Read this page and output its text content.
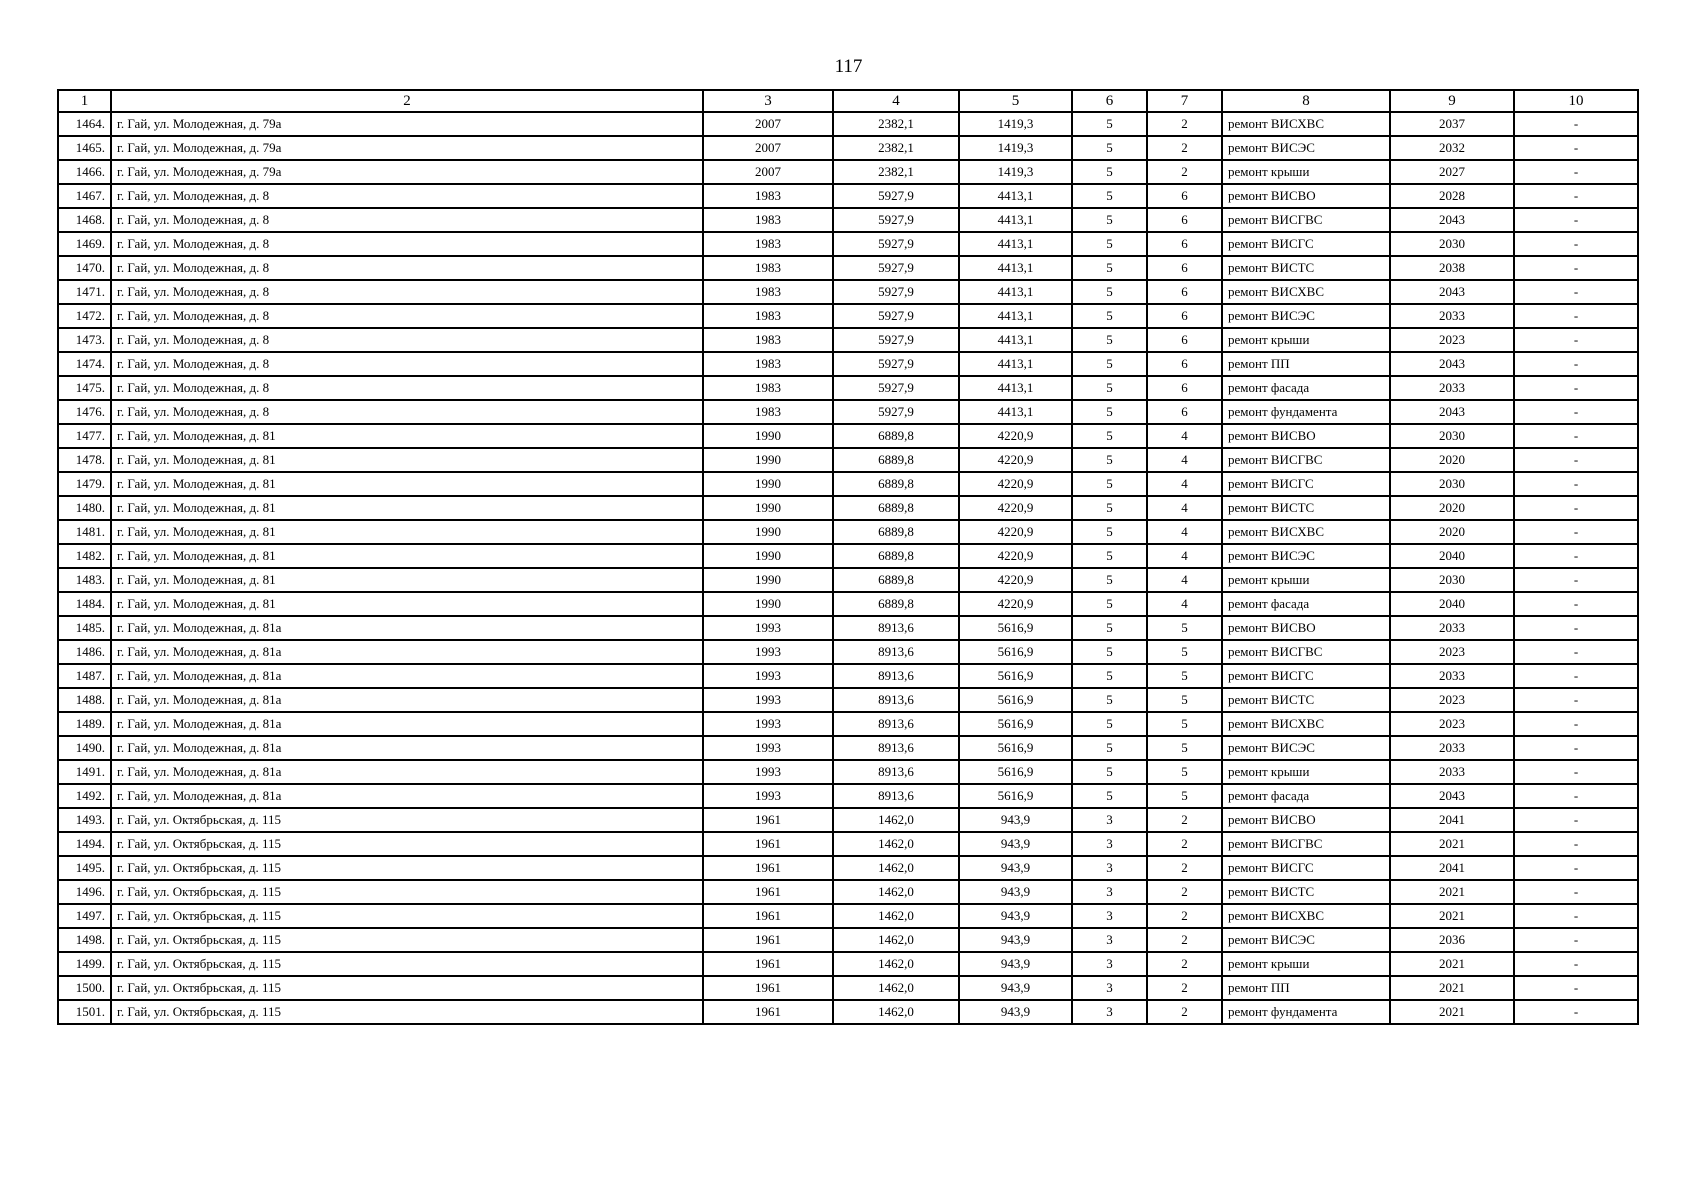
117
1	2	3	4	5	6	7	8	9	10
1464.	г. Гай, ул. Молодежная, д. 79а	2007	2382,1	1419,3	5	2	ремонт ВИСХВС	2037	-
1465.	г. Гай, ул. Молодежная, д. 79а	2007	2382,1	1419,3	5	2	ремонт ВИСЭС	2032	-
1466.	г. Гай, ул. Молодежная, д. 79а	2007	2382,1	1419,3	5	2	ремонт крыши	2027	-
1467.	г. Гай, ул. Молодежная, д. 8	1983	5927,9	4413,1	5	6	ремонт ВИСВО	2028	-
1468.	г. Гай, ул. Молодежная, д. 8	1983	5927,9	4413,1	5	6	ремонт ВИСГВС	2043	-
1469.	г. Гай, ул. Молодежная, д. 8	1983	5927,9	4413,1	5	6	ремонт ВИСГС	2030	-
1470.	г. Гай, ул. Молодежная, д. 8	1983	5927,9	4413,1	5	6	ремонт ВИСТС	2038	-
1471.	г. Гай, ул. Молодежная, д. 8	1983	5927,9	4413,1	5	6	ремонт ВИСХВС	2043	-
1472.	г. Гай, ул. Молодежная, д. 8	1983	5927,9	4413,1	5	6	ремонт ВИСЭС	2033	-
1473.	г. Гай, ул. Молодежная, д. 8	1983	5927,9	4413,1	5	6	ремонт крыши	2023	-
1474.	г. Гай, ул. Молодежная, д. 8	1983	5927,9	4413,1	5	6	ремонт ПП	2043	-
1475.	г. Гай, ул. Молодежная, д. 8	1983	5927,9	4413,1	5	6	ремонт фасада	2033	-
1476.	г. Гай, ул. Молодежная, д. 8	1983	5927,9	4413,1	5	6	ремонт фундамента	2043	-
1477.	г. Гай, ул. Молодежная, д. 81	1990	6889,8	4220,9	5	4	ремонт ВИСВО	2030	-
1478.	г. Гай, ул. Молодежная, д. 81	1990	6889,8	4220,9	5	4	ремонт ВИСГВС	2020	-
1479.	г. Гай, ул. Молодежная, д. 81	1990	6889,8	4220,9	5	4	ремонт ВИСГС	2030	-
1480.	г. Гай, ул. Молодежная, д. 81	1990	6889,8	4220,9	5	4	ремонт ВИСТС	2020	-
1481.	г. Гай, ул. Молодежная, д. 81	1990	6889,8	4220,9	5	4	ремонт ВИСХВС	2020	-
1482.	г. Гай, ул. Молодежная, д. 81	1990	6889,8	4220,9	5	4	ремонт ВИСЭС	2040	-
1483.	г. Гай, ул. Молодежная, д. 81	1990	6889,8	4220,9	5	4	ремонт крыши	2030	-
1484.	г. Гай, ул. Молодежная, д. 81	1990	6889,8	4220,9	5	4	ремонт фасада	2040	-
1485.	г. Гай, ул. Молодежная, д. 81а	1993	8913,6	5616,9	5	5	ремонт ВИСВО	2033	-
1486.	г. Гай, ул. Молодежная, д. 81а	1993	8913,6	5616,9	5	5	ремонт ВИСГВС	2023	-
1487.	г. Гай, ул. Молодежная, д. 81а	1993	8913,6	5616,9	5	5	ремонт ВИСГС	2033	-
1488.	г. Гай, ул. Молодежная, д. 81а	1993	8913,6	5616,9	5	5	ремонт ВИСТС	2023	-
1489.	г. Гай, ул. Молодежная, д. 81а	1993	8913,6	5616,9	5	5	ремонт ВИСХВС	2023	-
1490.	г. Гай, ул. Молодежная, д. 81а	1993	8913,6	5616,9	5	5	ремонт ВИСЭС	2033	-
1491.	г. Гай, ул. Молодежная, д. 81а	1993	8913,6	5616,9	5	5	ремонт крыши	2033	-
1492.	г. Гай, ул. Молодежная, д. 81а	1993	8913,6	5616,9	5	5	ремонт фасада	2043	-
1493.	г. Гай, ул. Октябрьская, д. 115	1961	1462,0	943,9	3	2	ремонт ВИСВО	2041	-
1494.	г. Гай, ул. Октябрьская, д. 115	1961	1462,0	943,9	3	2	ремонт ВИСГВС	2021	-
1495.	г. Гай, ул. Октябрьская, д. 115	1961	1462,0	943,9	3	2	ремонт ВИСГС	2041	-
1496.	г. Гай, ул. Октябрьская, д. 115	1961	1462,0	943,9	3	2	ремонт ВИСТС	2021	-
1497.	г. Гай, ул. Октябрьская, д. 115	1961	1462,0	943,9	3	2	ремонт ВИСХВС	2021	-
1498.	г. Гай, ул. Октябрьская, д. 115	1961	1462,0	943,9	3	2	ремонт ВИСЭС	2036	-
1499.	г. Гай, ул. Октябрьская, д. 115	1961	1462,0	943,9	3	2	ремонт крыши	2021	-
1500.	г. Гай, ул. Октябрьская, д. 115	1961	1462,0	943,9	3	2	ремонт ПП	2021	-
1501.	г. Гай, ул. Октябрьская, д. 115	1961	1462,0	943,9	3	2	ремонт фундамента	2021	-
